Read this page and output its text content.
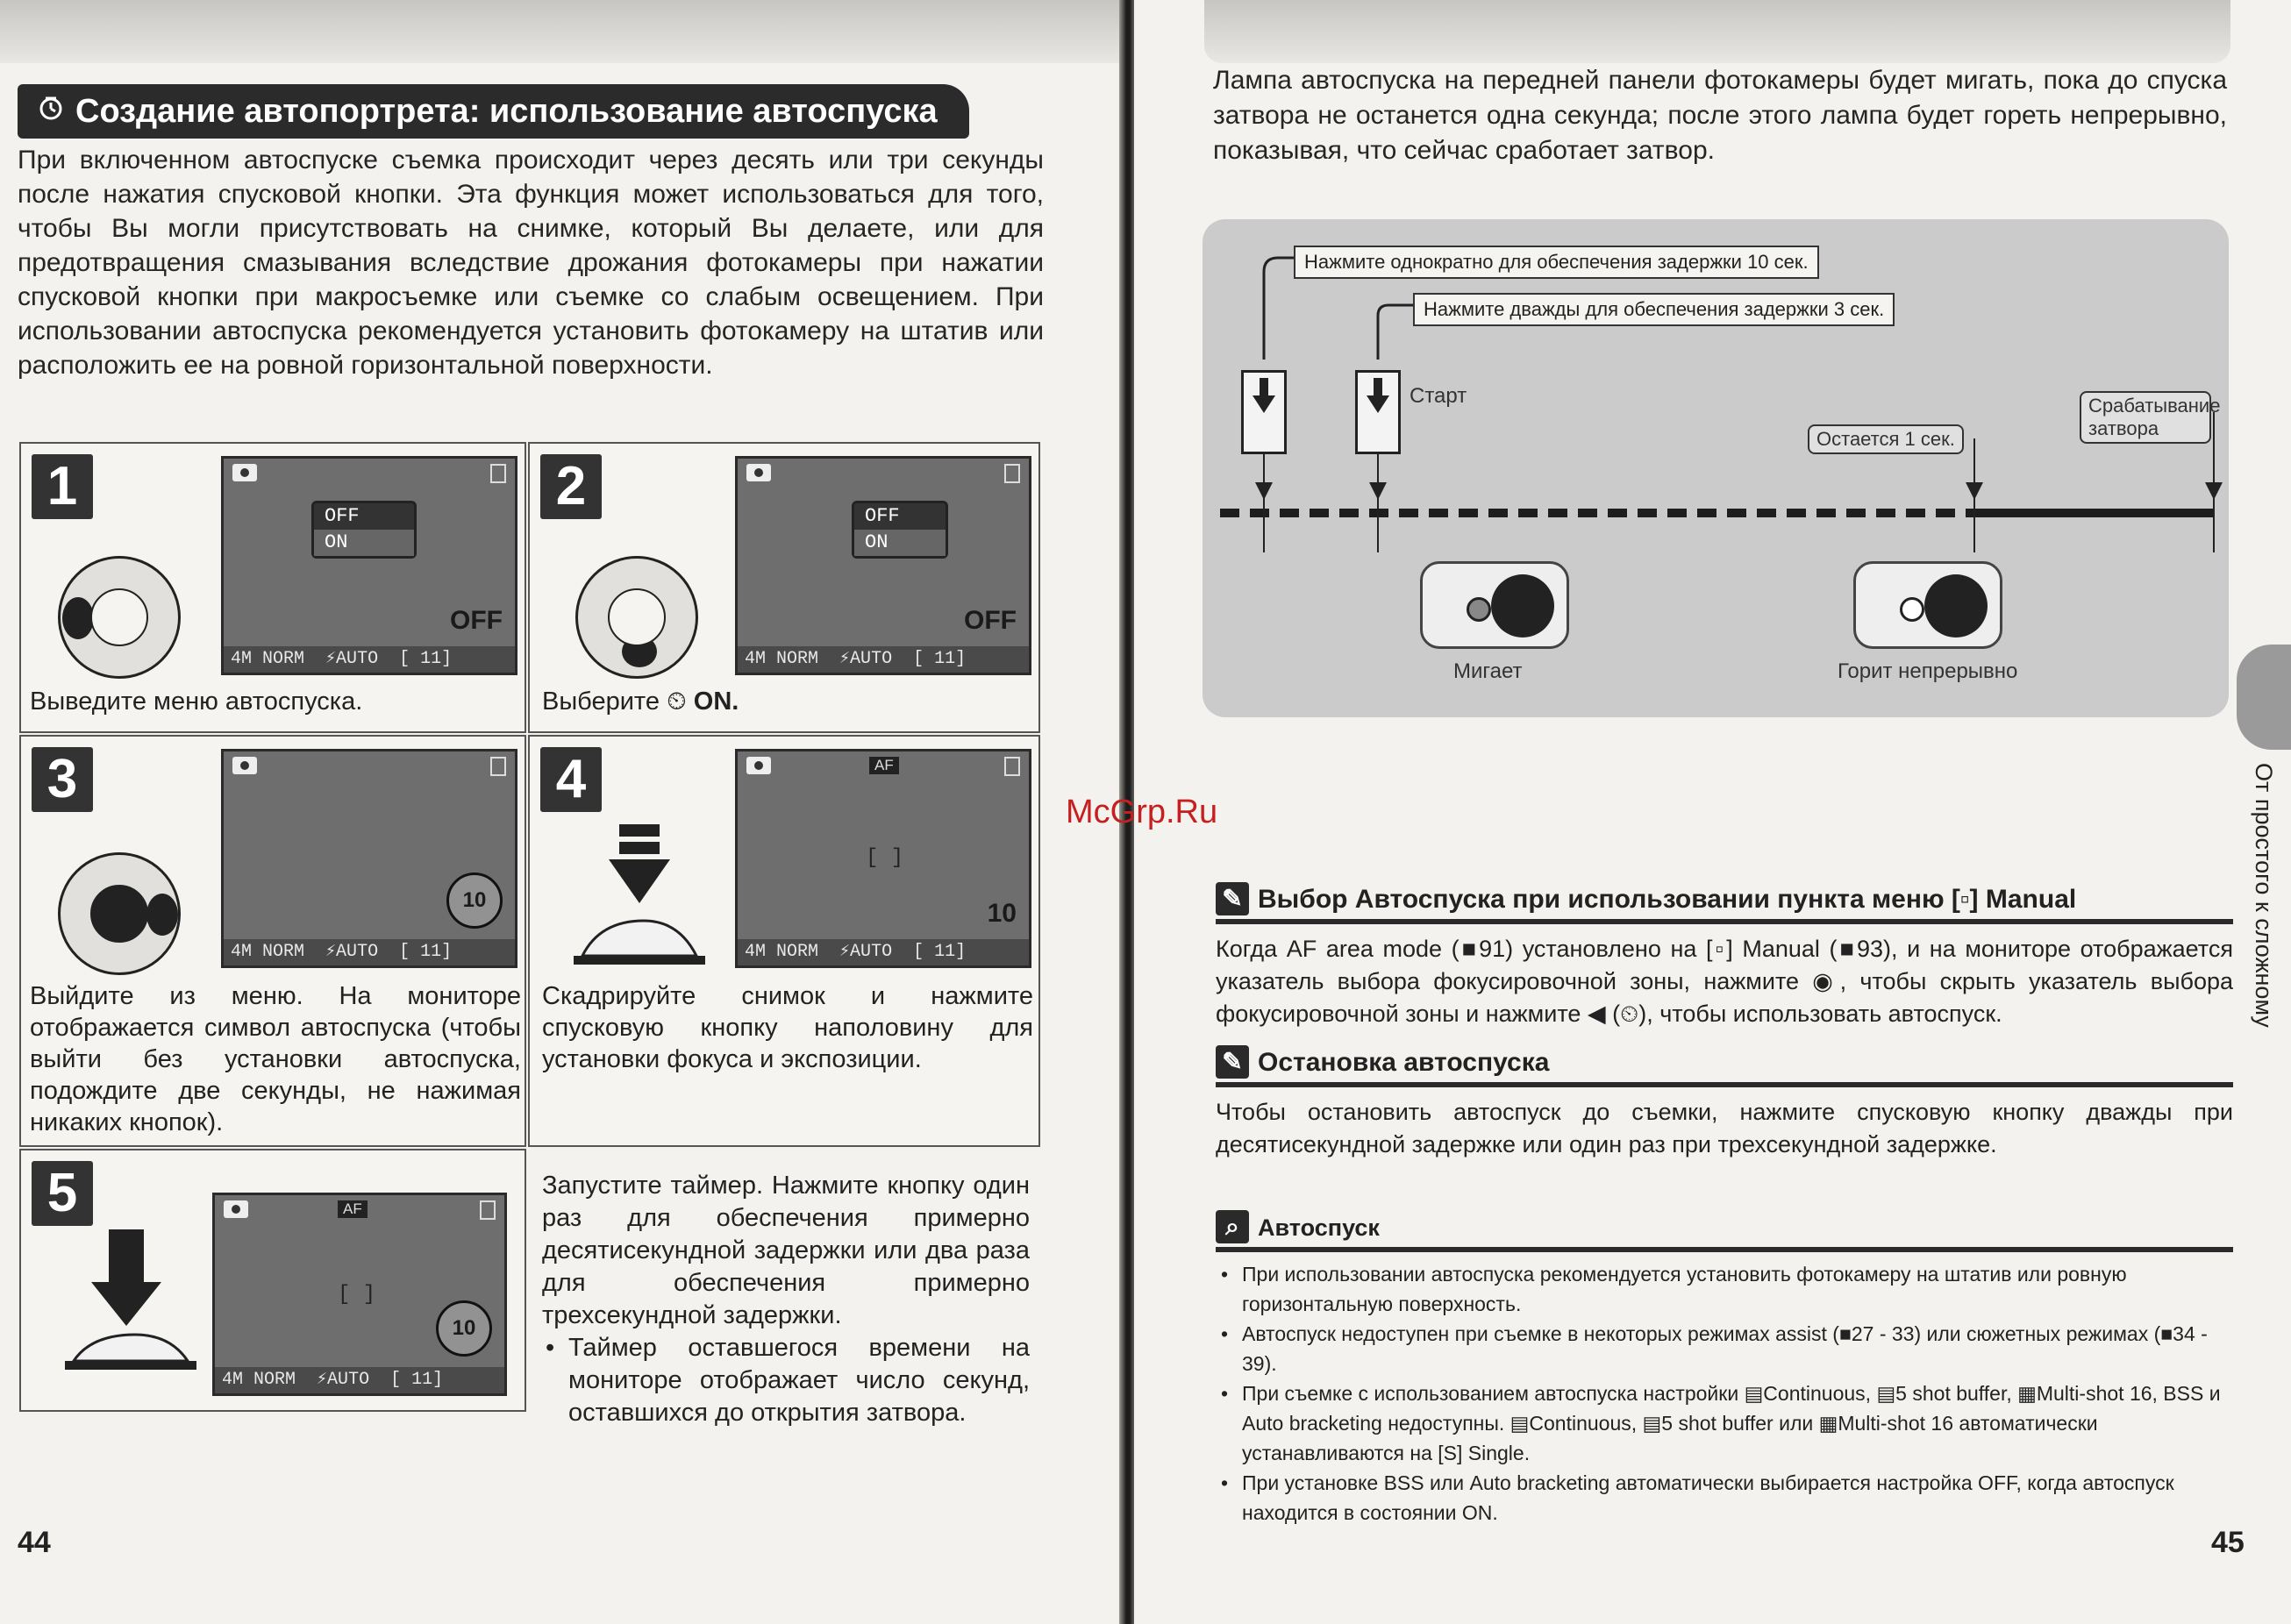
Создание автопортрета: использование автоспуска
При включенном автоспуске съемка происходит через десять или три секунды после нажатия спусковой кнопки. Эта функция может использоваться для того, чтобы Вы могли присутствовать на снимке, который Вы делаете, или для предотвращения смазывания вследствие дрожания фотокамеры при нажатии спусковой кнопки при макросъемке или съемке со слабым освещением. При использовании автоспуска рекомендуется установить фотокамеру на штатив или расположить ее на ровной горизонтальной поверхности.
1	OFF
ON
OFF
4M NORM  ⚡AUTO  [ 11]
Выведите меню автоспуска.
2	OFF
ON
OFF
4M NORM  ⚡AUTO  [ 11]
Выберите ⏲ ON.
3
10
4M NORM  ⚡AUTO  [ 11]
Выйдите из меню. На мониторе отображается символ автоспуска (чтобы выйти без установки автоспуска, подождите две секунды, не нажимая никаких кнопок).
4	AF
[ ]
10
4M NORM  ⚡AUTO  [ 11]
Скадрируйте снимок и нажмите спусковую кнопку наполовину для установки фокуса и экспозиции.
5	AF
[ ]
10
4M NORM  ⚡AUTO  [ 11]
Запустите таймер. Нажмите кнопку один раз для обеспечения примерно десятисекундной задержки или два раза для обеспечения примерно трехсекундной задержки.
• Таймер оставшегося времени на мониторе отображает число секунд, оставшихся до открытия затвора.
44
Лампа автоспуска на передней панели фотокамеры будет мигать, пока до спуска затвора не останется одна секунда; после этого лампа будет гореть непрерывно, показывая, что сейчас сработает затвор.
Нажмите однократно для обеспечения задержки 10 сек.
Нажмите дважды для обеспечения задержки 3 сек.
Старт
Остается 1 сек.
Срабатывание затвора
Мигает	Горит непрерывно
McGrp.Ru
✎ Выбор Автоспуска при использовании пункта меню [▫] Manual
Когда AF area mode (■91) установлено на [▫] Manual (■93), и на мониторе отображается указатель выбора фокусировочной зоны, нажмите ◉, чтобы скрыть указатель выбора фокусировочной зоны и нажмите ◀ (⏲), чтобы использовать автоспуск.
✎ Остановка автоспуска
Чтобы остановить автоспуск до съемки, нажмите спусковую кнопку дважды при десятисекундной задержке или один раз при трехсекундной задержке.
⌕ Автоспуск
• При использовании автоспуска рекомендуется установить фотокамеру на штатив или ровную горизонтальную поверхность.
• Автоспуск недоступен при съемке в некоторых режимах assist (■27 - 33) или сюжетных режимах (■34 - 39).
• При съемке с использованием автоспуска настройки ▤Continuous, ▤5 shot buffer, ▦Multi-shot 16, BSS и Auto bracketing недоступны. ▤Continuous, ▤5 shot buffer или ▦Multi-shot 16 автоматически устанавливаются на [S] Single.
• При установке BSS или Auto bracketing автоматически выбирается настройка OFF, когда автоспуск находится в состоянии ON.
От простого к сложному
45
